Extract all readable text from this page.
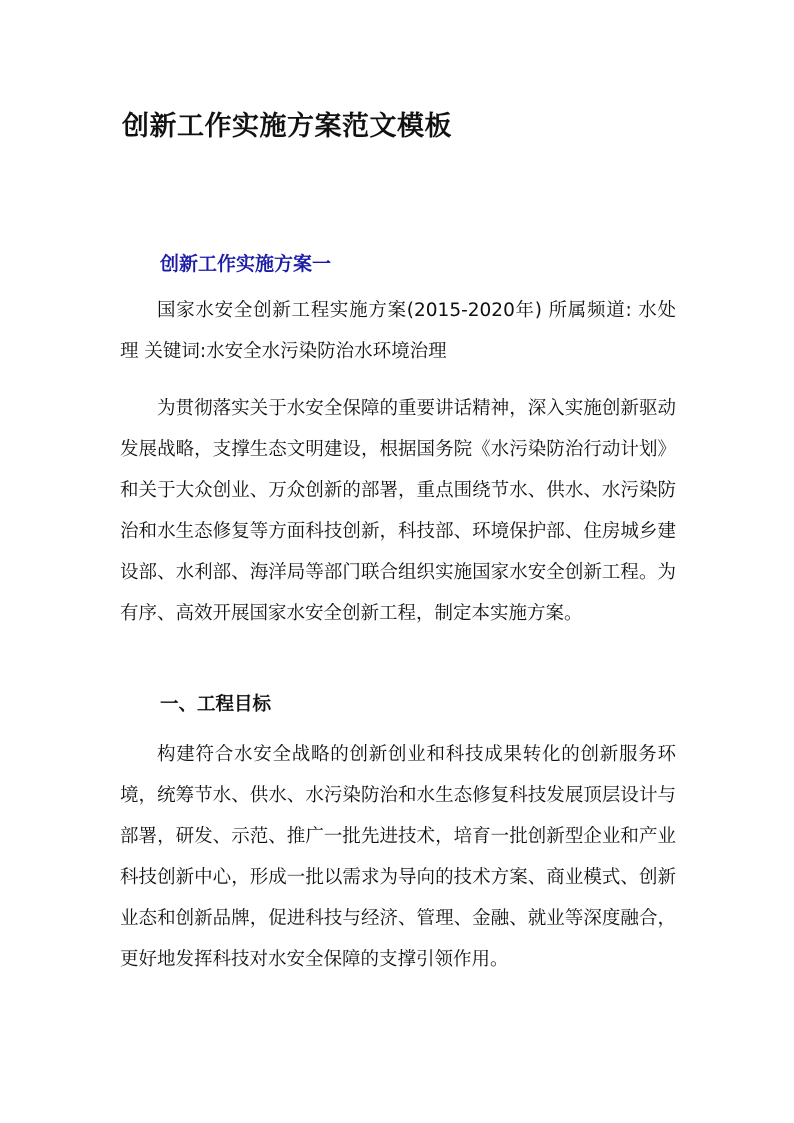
创新工作实施方案范文模板
创新工作实施方案一

国家水安全创新工程实施方案(2015-2020年) 所属频道: 水处理 关键词:水安全水污染防治水环境治理

为贯彻落实关于水安全保障的重要讲话精神，深入实施创新驱动发展战略，支撑生态文明建设，根据国务院《水污染防治行动计划》和关于大众创业、万众创新的部署，重点围绕节水、供水、水污染防治和水生态修复等方面科技创新，科技部、环境保护部、住房城乡建设部、水利部、海洋局等部门联合组织实施国家水安全创新工程。为有序、高效开展国家水安全创新工程，制定本实施方案。

一、工程目标

构建符合水安全战略的创新创业和科技成果转化的创新服务环境，统筹节水、供水、水污染防治和水生态修复科技发展顶层设计与部署，研发、示范、推广一批先进技术，培育一批创新型企业和产业科技创新中心，形成一批以需求为导向的技术方案、商业模式、创新业态和创新品牌，促进科技与经济、管理、金融、就业等深度融合，更好地发挥科技对水安全保障的支撑引领作用。
